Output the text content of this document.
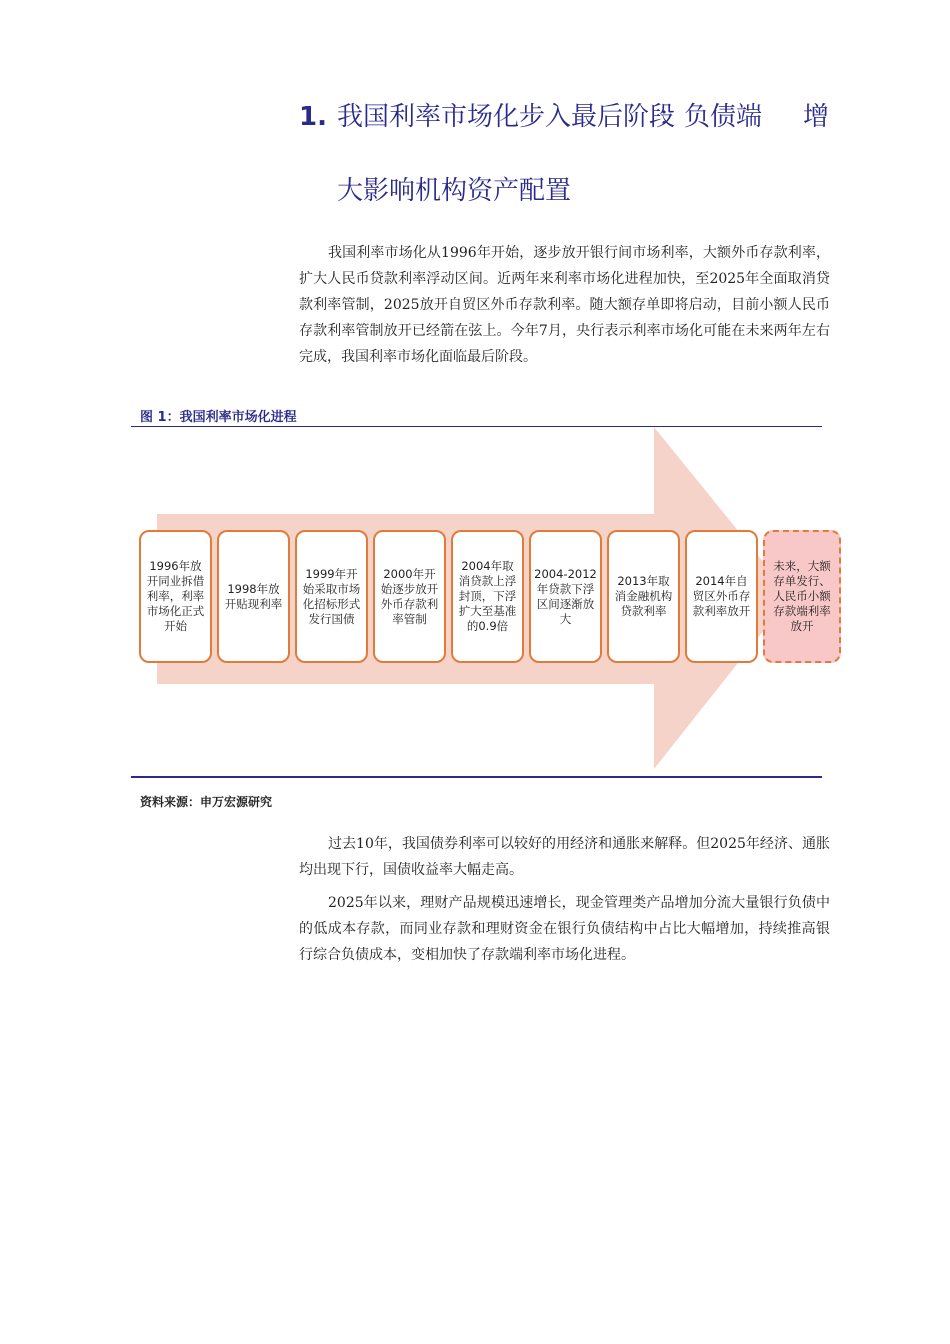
1. 我国利率市场化步入最后阶段
：负债端 增
大影响机构资产配置

我国利率市场化从1996年开始，逐步放开银行间市场利率，大额外币存款利率，扩大人民币贷款利率浮动区间。近两年来利率市场化进程加快，至2025年全面取消贷款利率管制，2025放开自贸区外币存款利率。随大额存单即将启动，目前小额人民币存款利率管制放开已经箭在弦上。今年7月，央行表示利率市场化可能在未来两年左右完成，我国利率市场化面临最后阶段。

图 1：我国利率市场化进程
1996年放开同业拆借利率，利率市场化正式开始
1998年放开贴现利率
1999年开始采取市场化招标形式发行国债
2000年开始逐步放开外币存款利率管制
2004年取消贷款上浮封顶，下浮扩大至基准的0.9倍
2004-2012年贷款下浮区间逐渐放大
2013年取消金融机构贷款利率
2014年自贸区外币存款利率放开
未来，大额存单发行、人民币小额存款端利率放开
资料来源：申万宏源研究

过去10年，我国债券利率可以较好的用经济和通胀来解释。但2025年经济、通胀均出现下行，国债收益率大幅走高。

2025年以来，理财产品规模迅速增长，现金管理类产品增加分流大量银行负债中的低成本存款，而同业存款和理财资金在银行负债结构中占比大幅增加，持续推高银行综合负债成本，变相加快了存款端利率市场化进程。
